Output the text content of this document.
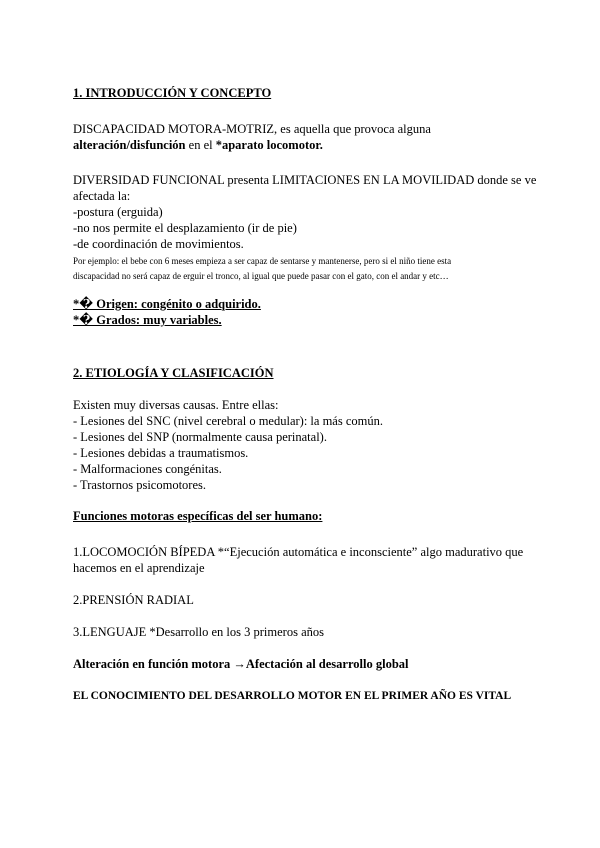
1. INTRODUCCIÓN Y CONCEPTO
DISCAPACIDAD MOTORA-MOTRIZ, es aquella que provoca alguna
alteración/disfunción en el *aparato locomotor.
DIVERSIDAD FUNCIONAL presenta LIMITACIONES EN LA MOVILIDAD donde se ve
afectada la:
-postura (erguida)
-no nos permite el desplazamiento (ir de pie)
-de coordinación de movimientos.
Por ejemplo: el bebe con 6 meses empieza a ser capaz de sentarse y mantenerse, pero si el niño tiene esta
discapacidad no será capaz de erguir el tronco, al igual que puede pasar con el gato, con el andar y etc…
*� Origen: congénito o adquirido.
*� Grados: muy variables.
2. ETIOLOGÍA Y CLASIFICACIÓN
Existen muy diversas causas. Entre ellas:
- Lesiones del SNC (nivel cerebral o medular): la más común.
- Lesiones del SNP (normalmente causa perinatal).
- Lesiones debidas a traumatismos.
- Malformaciones congénitas.
- Trastornos psicomotores.
Funciones motoras específicas del ser humano:
1.LOCOMOCIÓN BÍPEDA *“Ejecución automática e inconsciente” algo madurativo que
hacemos en el aprendizaje
2.PRENSIÓN RADIAL
3.LENGUAJE *Desarrollo en los 3 primeros años
Alteración en función motora →Afectación al desarrollo global
EL CONOCIMIENTO DEL DESARROLLO MOTOR EN EL PRIMER AÑO ES VITAL
